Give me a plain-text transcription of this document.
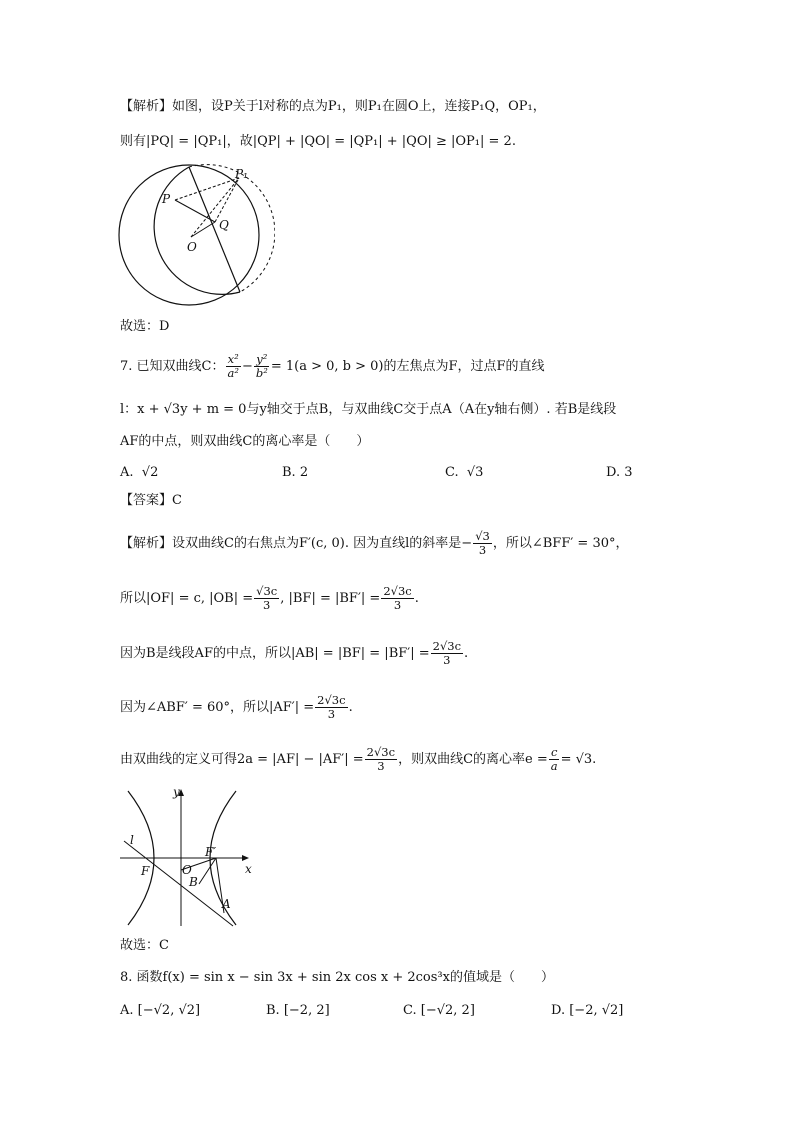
【解析】如图，设P关于l对称的点为P₁，则P₁在圆O上，连接P₁Q，OP₁，
则有|PQ| = |QP₁|，故|QP| + |QO| = |QP₁| + |QO| ≥ |OP₁| = 2.
P₁
P
Q
O
故选：D
7. 已知双曲线C： $\frac{\text{x²}}{\text{a²}} - \frac{\text{y²}}{\text{b²}} = 1(a > 0$, b > 0)的左焦点为F，过点F的直线
l：x + √3y + m = 0与y轴交于点B，与双曲线C交于点A（A在y轴右侧）. 若B是线段
AF的中点，则双曲线C的离心率是（　　）
A. √2	B. 2	C. √3	D. 3
【答案】C
【解析】设双曲线C的右焦点为F′(c, 0). 因为直线l的斜率是− $\frac{√3}{3}$ ，所以∠BFF′ = 30°，
所以|OF| = c, $|OB| = \frac{√3c}{3}$ , $|BF| = |BF'| = \frac{2√3c}{3}$ .
因为B是线段AF的中点，所以$|AB| = |BF| = |BF'| = \frac{2√3c}{3}$ .
因为∠ABF′ = 60°，所以$|AF'| = \frac{2√3c}{3}$ .
由双曲线的定义可得$2a = |AF| - |AF'| = \frac{2√3c}{3}$ ，则双曲线C的离心率$e = \frac{c}{a} = √3$.
l
y
x
F
F′
O
B
A
故选：C
8. 函数f(x) = sin x − sin 3x + sin 2x cos x + 2cos³x的值域是（　　）
A. [−√2, √2]	B. [−2, 2]	C. [−√2, 2]	D. [−2, √2]
